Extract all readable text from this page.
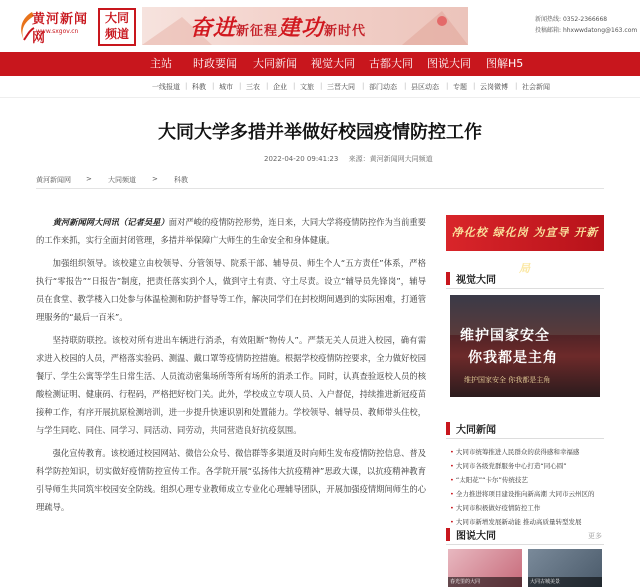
黄河新闻网
www.sxgov.cn
大同
频道	奋进新征程建功新时代
新闻热线: 0352-2366668
投稿邮箱: hhxwwdatong@163.com
主站 时政要闻 大同新闻 视觉大同 古都大同 图说大同 图解H5
一线报道 | 科教 | 城市 | 三农 | 企业 | 文旅 | 三晋大同 | 部门动态 | 县区动态 | 专题 | 云岗微博 | 社会新闻
大同大学多措并举做好校园疫情防控工作
2022-04-20 09:41:23 来源：黄河新闻网大同频道
黄河新闻网 > 大同频道 > 科教

黄河新闻网大同讯（记者吴星）面对严峻的疫情防控形势，连日来，大同大学将疫情防控作为当前重要的工作来抓，实行全面封闭管理，多措并举保障广大师生的生命安全和身体健康。

加强组织领导。该校建立由校领导、分管领导、院系干部、辅导员、师生个人“五方责任”体系，严格执行“零报告”“日报告”制度，把责任落实到个人，做到守土有责、守土尽责。设立“辅导员先锋岗”，辅导员在食堂、教学楼入口处参与体温检测和防护督导等工作，解决同学们在封校期间遇到的实际困难，打通管理服务的“最后一百米”。

坚持联防联控。该校对所有进出车辆进行消杀，有效阻断“物传人”。严禁无关人员进入校园，确有需求进入校园的人员，严格落实验码、测温、戴口罩等疫情防控措施。根据学校疫情防控要求，全力做好校园餐厅、学生公寓等学生日常生活、人员流动密集场所等所有场所的消杀工作。同时，认真查验返校人员的核酸检测证明、健康码、行程码，严格把好校门关。此外，学校成立专项人员、入户督促，持续推进新冠疫苗接种工作，有序开展抗原检测培训，进一步提升快速识别和处置能力。学校领导、辅导员、教师带头住校，与学生同吃、同住、同学习、同活动、同劳动，共同营造良好抗疫氛围。

强化宣传教育。该校通过校园网站、微信公众号、微信群等多渠道及时向师生发布疫情防控信息、普及科学防控知识，切实做好疫情防控宣传工作。各学院开展“弘扬伟大抗疫精神”思政大课，以抗疫精神教育引导师生共同筑牢校园安全防线。组织心理专业教师成立专业化心理辅导团队，开展加强疫情期间师生的心理疏导。

净化校 绿化岗 为宣导 开新局
视觉大同
维护国家安全
你我都是主角
维护国家安全 你我都是主角
大同新闻
• 大同市统筹推进人民群众的获得感和幸福感
• 大同市各级党群服务中心打造“同心圆”
• “太阳花”“卡尔”传统技艺
• 全力推进将项目建设推向新高潮 大同市云州区的
• 大同市积极做好疫情防控工作
• 大同市新增发展新动能 推动高质量转型发展
图说大同	更多
春光里的大同	大同古城美景
